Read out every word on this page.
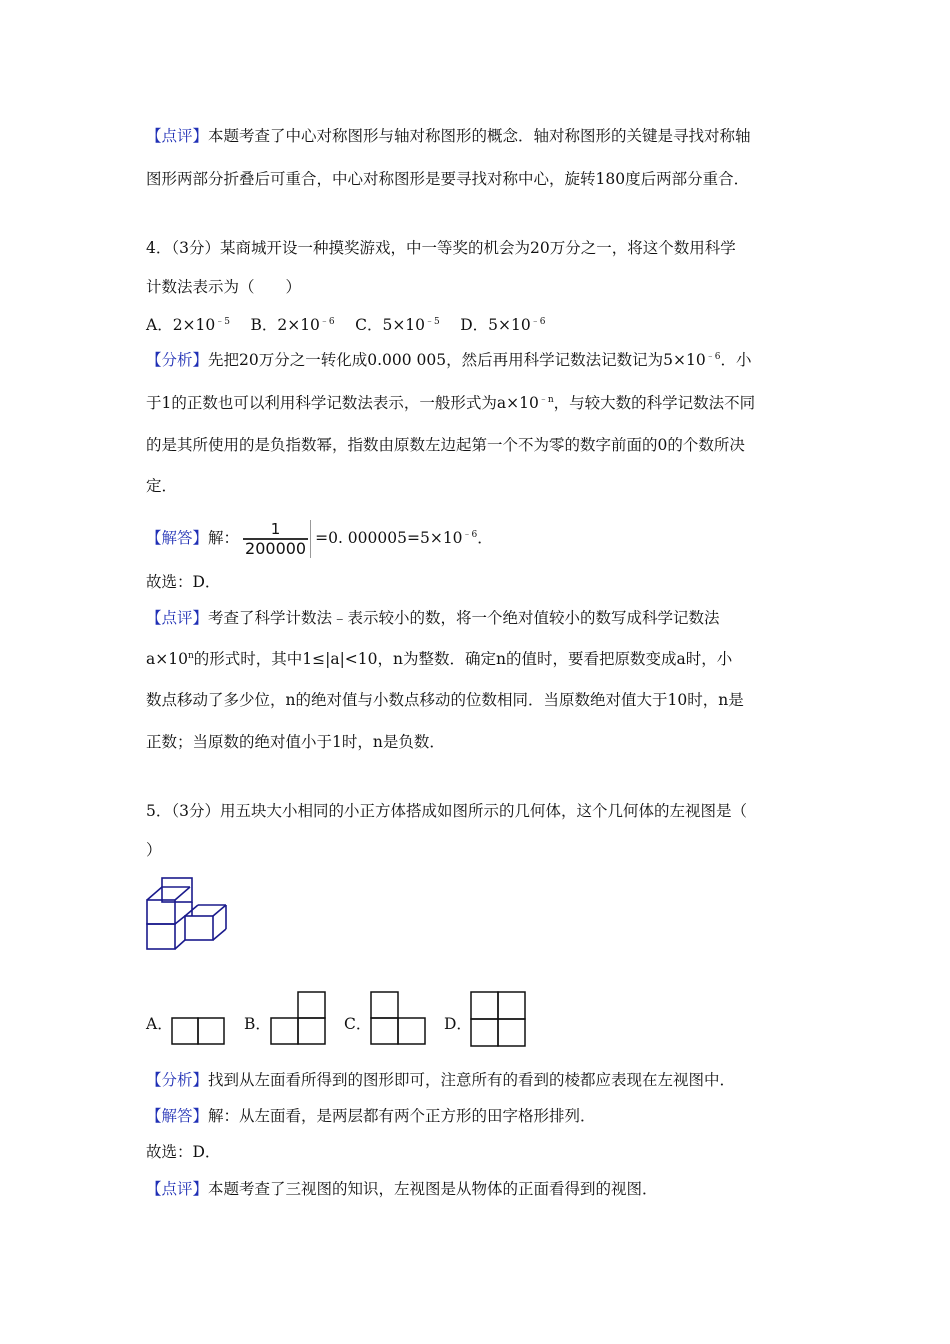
【点评】本题考查了中心对称图形与轴对称图形的概念．轴对称图形的关键是寻找对称轴
图形两部分折叠后可重合，中心对称图形是要寻找对称中心，旋转180度后两部分重合．
4．（3分）某商城开设一种摸奖游戏，中一等奖的机会为20万分之一，将这个数用科学
计数法表示为（　　）
A．$2\times 10^{﹣5}$  B．$2\times 10^{﹣6}$  C．$5\times 10^{﹣5}$  D．$5\times 10^{﹣6}$
【分析】先把20万分之一转化成0.000 005，然后再用科学记数法记数记为$5\times 10^{﹣6}$．小
于1的正数也可以利用科学记数法表示，一般形式为$a\times 10^{﹣n}$，与较大数的科学记数法不同
的是其所使用的是负指数幂，指数由原数左边起第一个不为零的数字前面的0的个数所决
定．
【解答】解： $\frac{1}{200000} =0$. $000005=5\times 10^{﹣6}$．
故选：D．
【点评】考查了科学计数法﹣表示较小的数，将一个绝对值较小的数写成科学记数法
$a\times 10^n$的形式时，其中1≤|a|<10，n为整数．确定n的值时，要看把原数变成a时，小
数点移动了多少位，n的绝对值与小数点移动的位数相同．当原数绝对值大于10时，n是
正数；当原数的绝对值小于1时，n是负数．
5．（3分）用五块大小相同的小正方体搭成如图所示的几何体，这个几何体的左视图是（
）
A．	B．	C．	D．
【分析】找到从左面看所得到的图形即可，注意所有的看到的棱都应表现在左视图中．
【解答】解：从左面看，是两层都有两个正方形的田字格形排列．
故选：D．
【点评】本题考查了三视图的知识，左视图是从物体的正面看得到的视图．
